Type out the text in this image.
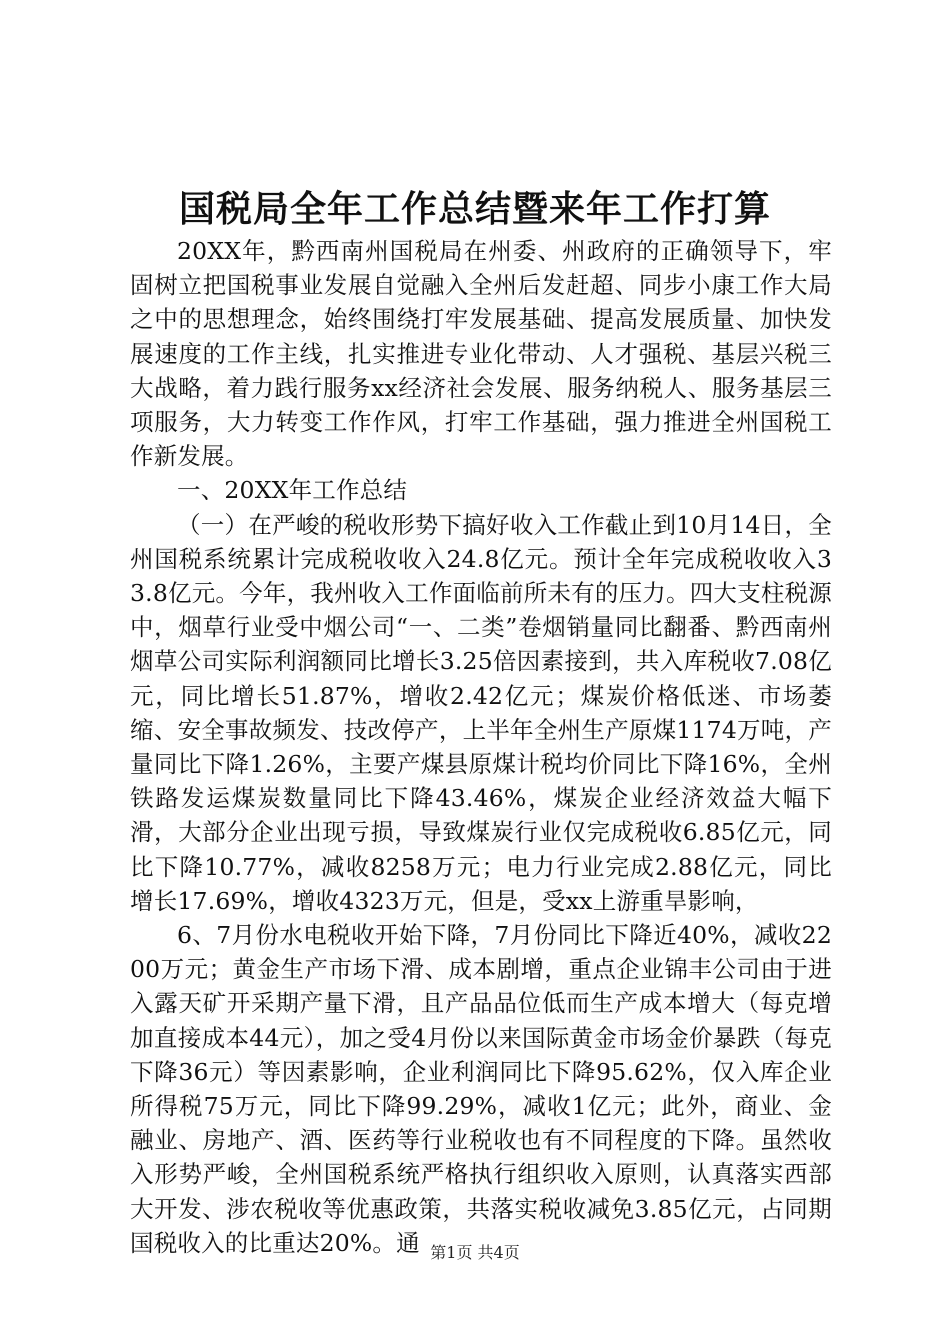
国税局全年工作总结暨来年工作打算

20XX年，黔西南州国税局在州委、州政府的正确领导下，牢固树立把国税事业发展自觉融入全州后发赶超、同步小康工作大局之中的思想理念，始终围绕打牢发展基础、提高发展质量、加快发展速度的工作主线，扎实推进专业化带动、人才强税、基层兴税三大战略，着力践行服务xx经济社会发展、服务纳税人、服务基层三项服务，大力转变工作作风，打牢工作基础，强力推进全州国税工作新发展。

一、20XX年工作总结

（一）在严峻的税收形势下搞好收入工作截止到10月14日，全州国税系统累计完成税收收入24.8亿元。预计全年完成税收收入33.8亿元。今年，我州收入工作面临前所未有的压力。四大支柱税源中，烟草行业受中烟公司“一、二类”卷烟销量同比翻番、黔西南州烟草公司实际利润额同比增长3.25倍因素接到，共入库税收7.08亿元，同比增长51.87%，增收2.42亿元；煤炭价格低迷、市场萎缩、安全事故频发、技改停产，上半年全州生产原煤1174万吨，产量同比下降1.26%，主要产煤县原煤计税均价同比下降16%，全州铁路发运煤炭数量同比下降43.46%，煤炭企业经济效益大幅下滑，大部分企业出现亏损，导致煤炭行业仅完成税收6.85亿元，同比下降10.77%，减收8258万元；电力行业完成2.88亿元，同比增长17.69%，增收4323万元，但是，受xx上游重旱影响，

6、7月份水电税收开始下降，7月份同比下降近40%，减收2200万元；黄金生产市场下滑、成本剧增，重点企业锦丰公司由于进入露天矿开采期产量下滑，且产品品位低而生产成本增大（每克增加直接成本44元），加之受4月份以来国际黄金市场金价暴跌（每克下降36元）等因素影响，企业利润同比下降95.62%，仅入库企业所得税75万元，同比下降99.29%，减收1亿元；此外，商业、金融业、房地产、酒、医药等行业税收也有不同程度的下降。虽然收入形势严峻，全州国税系统严格执行组织收入原则，认真落实西部大开发、涉农税收等优惠政策，共落实税收减免3.85亿元，占同期国税收入的比重达20%。通 第1页 共4页
